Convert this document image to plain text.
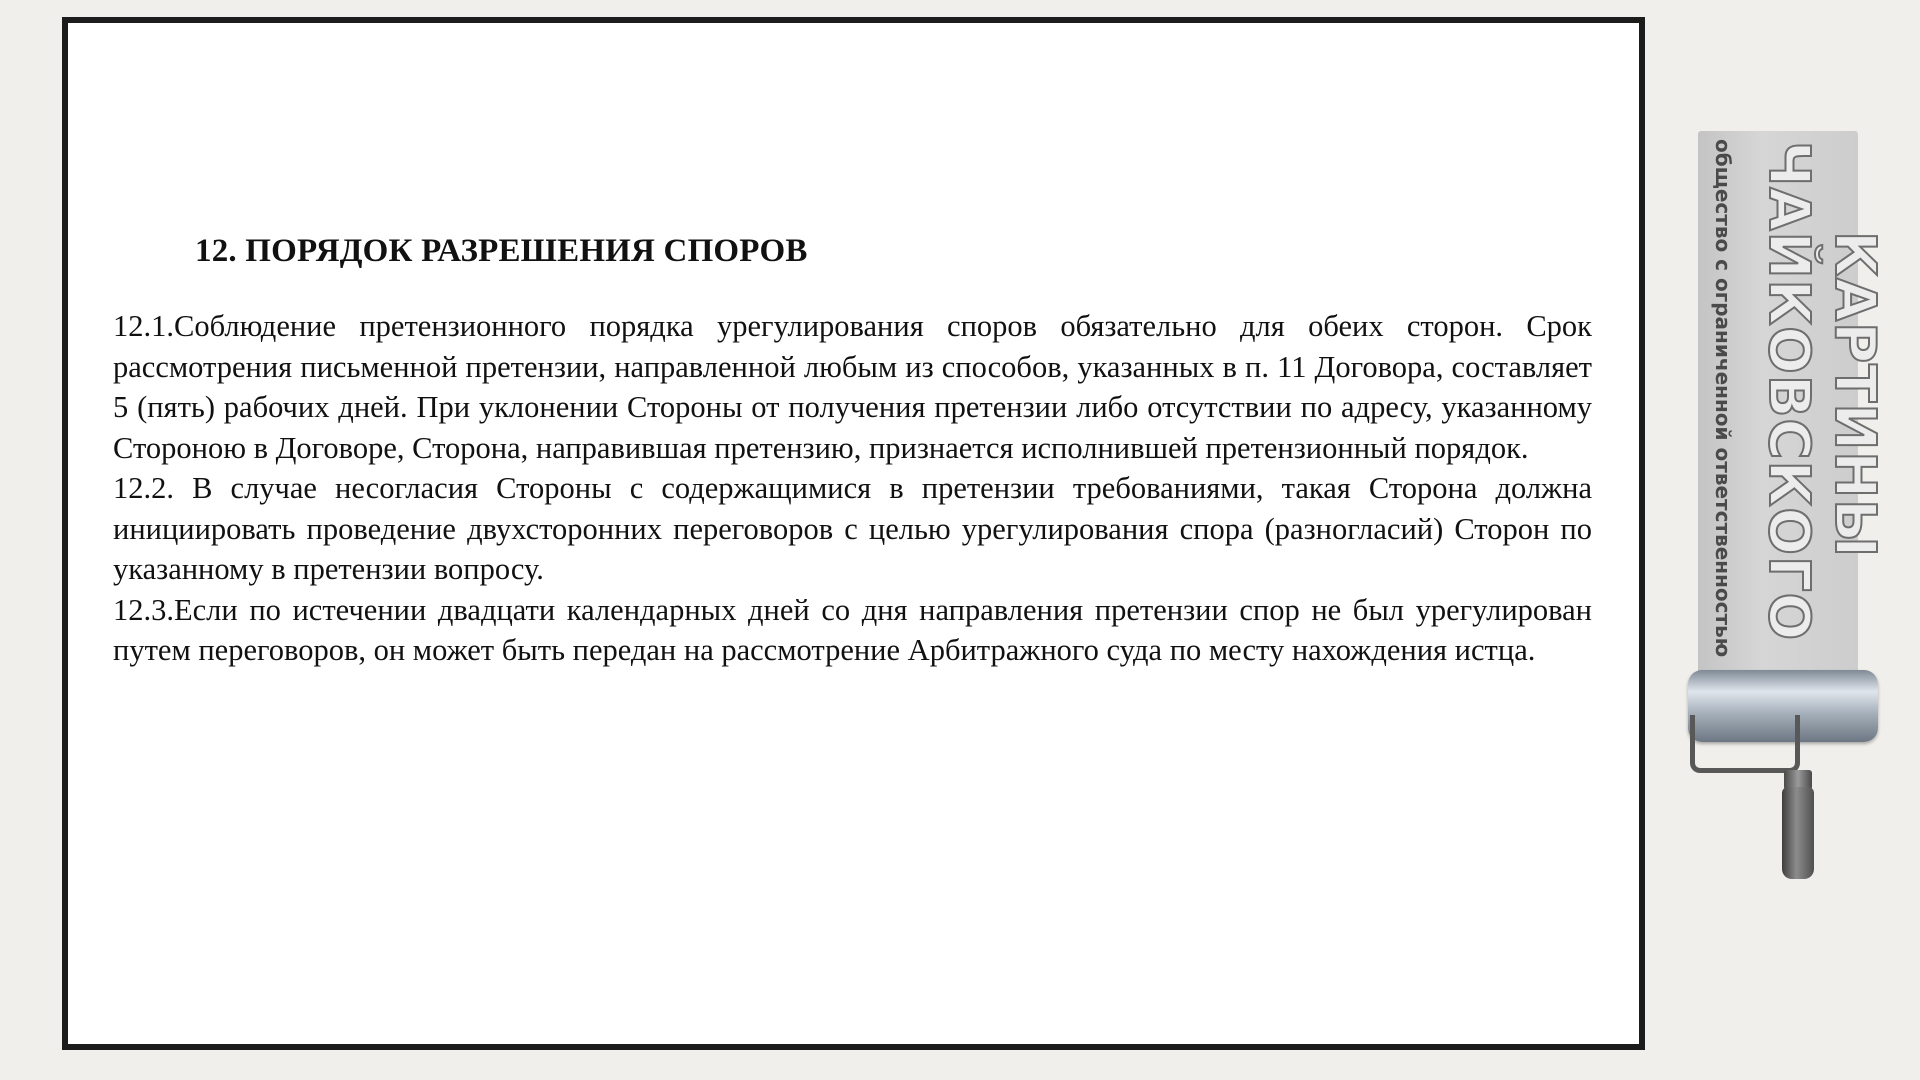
12. ПОРЯДОК РАЗРЕШЕНИЯ СПОРОВ

12.1.Соблюдение претензионного порядка урегулирования споров обязательно для обеих сторон. Срок рассмотрения письменной претензии, направленной любым из способов, указанных в п. 11 Договора, составляет 5 (пять) рабочих дней. При уклонении Стороны от получения претензии либо отсутствии по адресу, указанному Стороною в Договоре, Сторона, направившая претензию, признается исполнившей претензионный порядок.

12.2. В случае несогласия Стороны с содержащимися в претензии требованиями, такая Сторона должна инициировать проведение двухсторонних переговоров с целью урегулирования спора (разногласий) Сторон по указанному в претензии вопросу.

12.3.Если по истечении двадцати календарных дней со дня направления претензии спор не был урегулирован путем переговоров, он может быть передан на рассмотрение Арбитражного суда по месту нахождения истца.

КАРТИНЫ
ЧАЙКОВСКОГО
общество с ограниченной ответственностью
